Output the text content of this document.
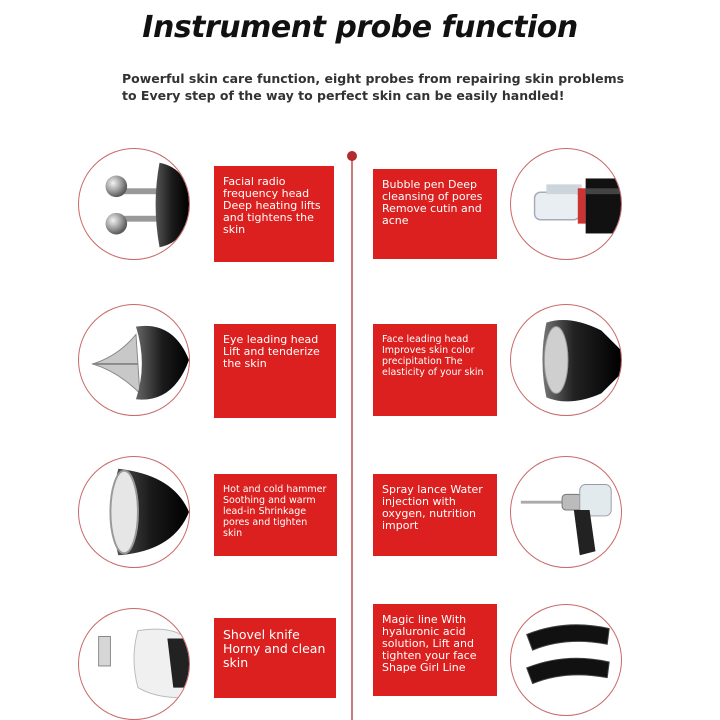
Instrument probe function
Powerful skin care function, eight probes from repairing skin problems
to Every step of the way to perfect skin can be easily handled!
Facial radio frequency head Deep heating lifts and tightens the skin
Bubble pen Deep cleansing of pores Remove cutin and acne
Eye leading head Lift and tenderize the skin
Face leading head Improves skin color precipitation The elasticity of your skin
Hot and cold hammer Soothing and warm lead-in Shrinkage pores and tighten skin
Spray lance Water injection with oxygen, nutrition import
Shovel knife Horny and clean skin
Magic line With hyaluronic acid solution, Lift and tighten your face Shape Girl Line
